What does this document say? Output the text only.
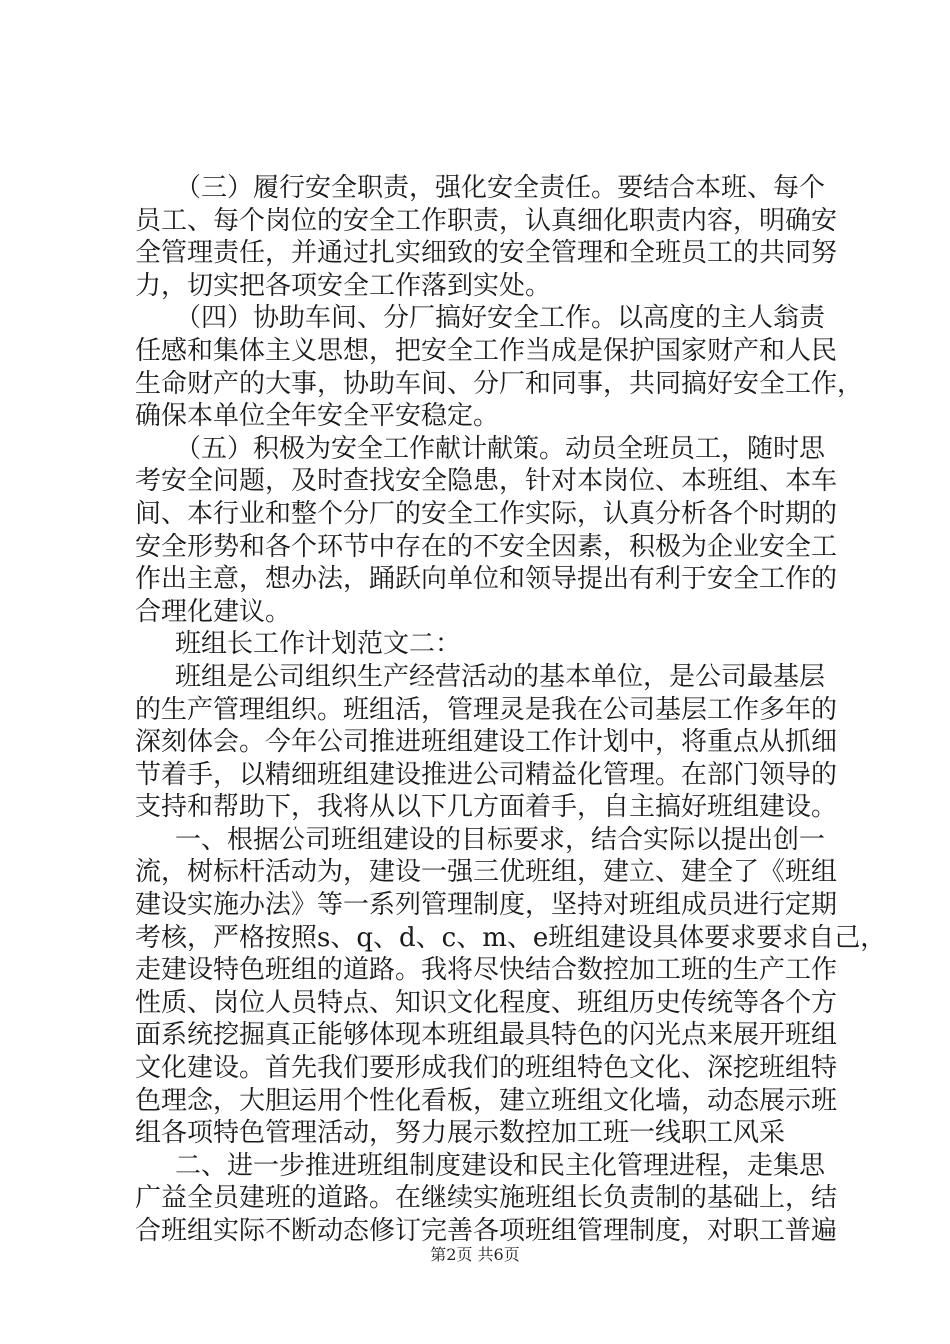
（三）履行安全职责，强化安全责任。要结合本班、每个
员工、每个岗位的安全工作职责，认真细化职责内容，明确安
全管理责任，并通过扎实细致的安全管理和全班员工的共同努
力，切实把各项安全工作落到实处。
（四）协助车间、分厂搞好安全工作。以高度的主人翁责
任感和集体主义思想，把安全工作当成是保护国家财产和人民
生命财产的大事，协助车间、分厂和同事，共同搞好安全工作，
确保本单位全年安全平安稳定。
（五）积极为安全工作献计献策。动员全班员工，随时思
考安全问题，及时查找安全隐患，针对本岗位、本班组、本车
间、本行业和整个分厂的安全工作实际，认真分析各个时期的
安全形势和各个环节中存在的不安全因素，积极为企业安全工
作出主意，想办法，踊跃向单位和领导提出有利于安全工作的
合理化建议。
班组长工作计划范文二：
班组是公司组织生产经营活动的基本单位，是公司最基层
的生产管理组织。班组活，管理灵是我在公司基层工作多年的
深刻体会。今年公司推进班组建设工作计划中，将重点从抓细
节着手，以精细班组建设推进公司精益化管理。在部门领导的
支持和帮助下，我将从以下几方面着手，自主搞好班组建设。
一、根据公司班组建设的目标要求，结合实际以提出创一
流，树标杆活动为，建设一强三优班组，建立、建全了《班组
建设实施办法》等一系列管理制度，坚持对班组成员进行定期
考核，严格按照s、q、d、c、m、e班组建设具体要求要求自己，
走建设特色班组的道路。我将尽快结合数控加工班的生产工作
性质、岗位人员特点、知识文化程度、班组历史传统等各个方
面系统挖掘真正能够体现本班组最具特色的闪光点来展开班组
文化建设。首先我们要形成我们的班组特色文化、深挖班组特
色理念，大胆运用个性化看板，建立班组文化墙，动态展示班
组各项特色管理活动，努力展示数控加工班一线职工风采
二、进一步推进班组制度建设和民主化管理进程，走集思
广益全员建班的道路。在继续实施班组长负责制的基础上，结
合班组实际不断动态修订完善各项班组管理制度，对职工普遍
第2页 共6页
